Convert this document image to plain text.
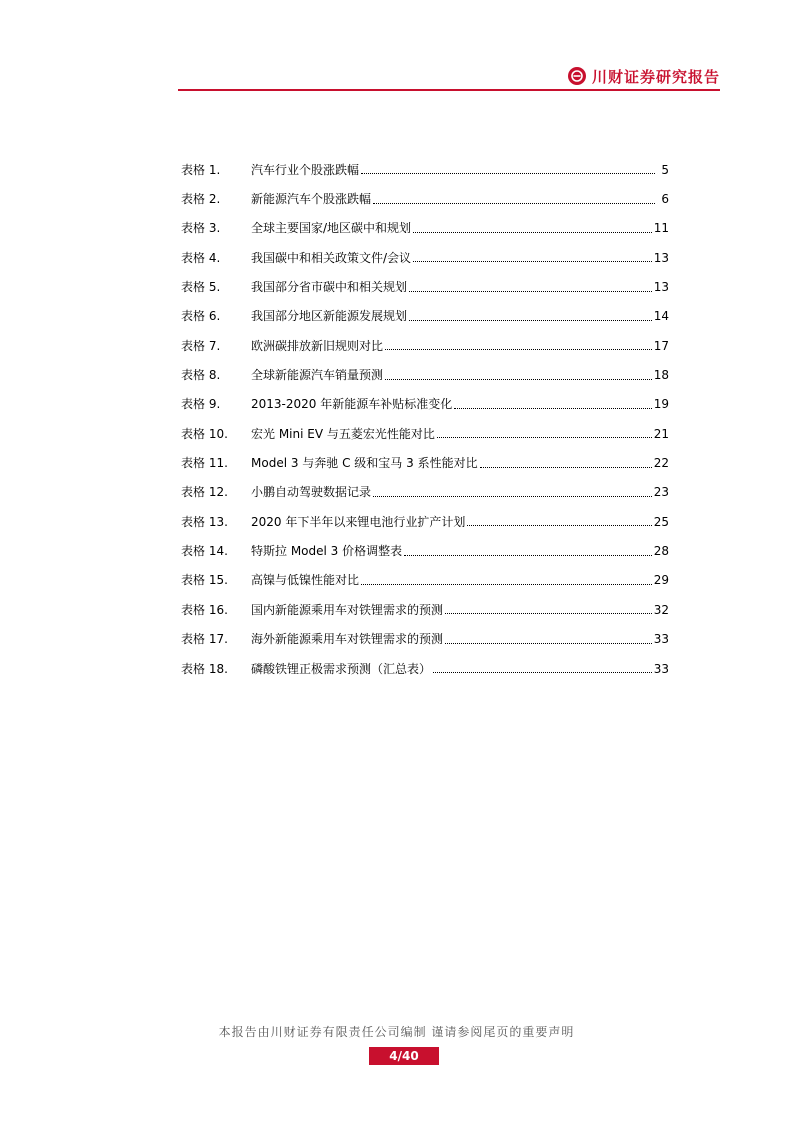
川财证券研究报告
表格 1.	汽车行业个股涨跌幅	5
表格 2.	新能源汽车个股涨跌幅	6
表格 3.	全球主要国家/地区碳中和规划	11
表格 4.	我国碳中和相关政策文件/会议	13
表格 5.	我国部分省市碳中和相关规划	13
表格 6.	我国部分地区新能源发展规划	14
表格 7.	欧洲碳排放新旧规则对比	17
表格 8.	全球新能源汽车销量预测	18
表格 9.	2013-2020 年新能源车补贴标准变化	19
表格 10.	宏光 Mini EV 与五菱宏光性能对比	21
表格 11.	Model 3 与奔驰 C 级和宝马 3 系性能对比	22
表格 12.	小鹏自动驾驶数据记录	23
表格 13.	2020 年下半年以来锂电池行业扩产计划	25
表格 14.	特斯拉 Model 3 价格调整表	28
表格 15.	高镍与低镍性能对比	29
表格 16.	国内新能源乘用车对铁锂需求的预测	32
表格 17.	海外新能源乘用车对铁锂需求的预测	33
表格 18.	磷酸铁锂正极需求预测（汇总表）	33
本报告由川财证券有限责任公司编制 谨请参阅尾页的重要声明
4/40
